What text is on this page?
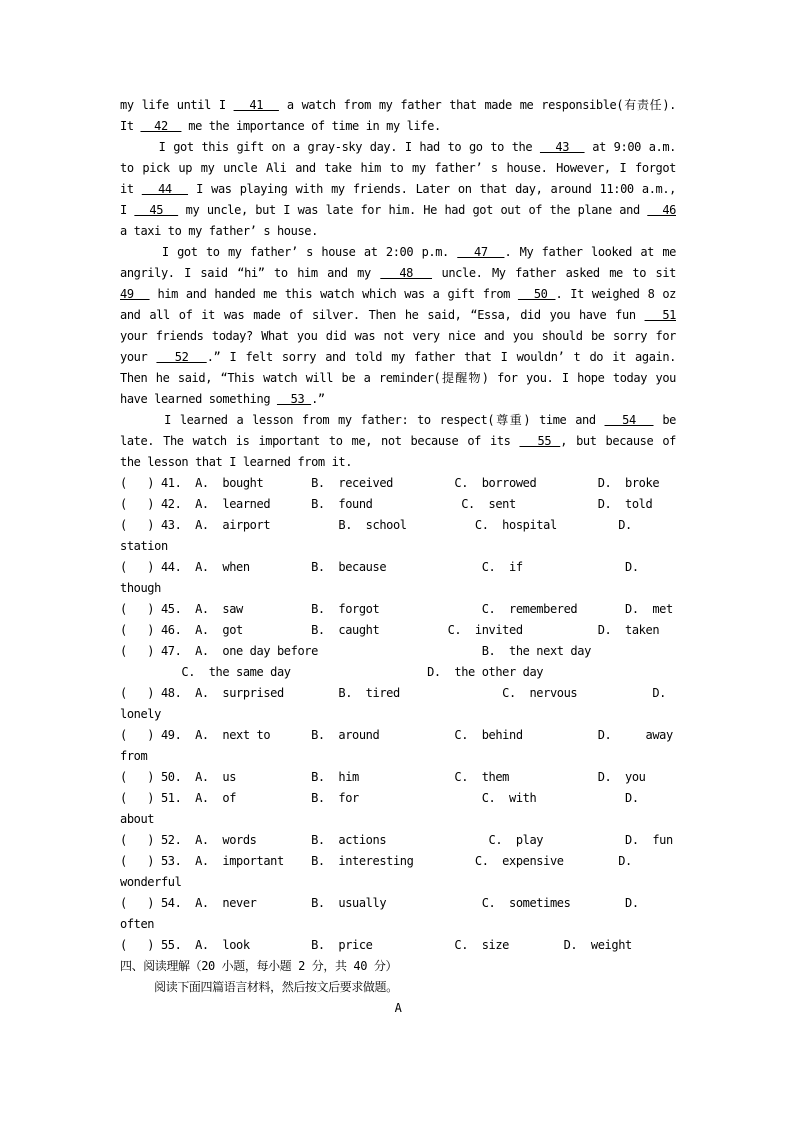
my life until I   41   a watch from my father that made me responsible(有责任).
It   42   me the importance of time in my life.
I got this gift on a gray-sky day. I had to go to the   43   at 9:00 a.m.
to pick up my uncle Ali and take him to my father’ s house. However, I forgot
it   44   I was playing with my friends. Later on that day, around 11:00 a.m.,
I   45   my uncle, but I was late for him. He had got out of the plane and   46
a taxi to my father’ s house.
I got to my father’ s house at 2:00 p.m.   47  . My father looked at me
angrily. I said “hi” to him and my   48   uncle. My father asked me to sit
49   him and handed me this watch which was a gift from   50 . It weighed 8 oz
and all of it was made of silver. Then he said, “Essa, did you have fun   51
your friends today? What you did was not very nice and you should be sorry for
your   52  .” I felt sorry and told my father that I wouldn’ t do it again.
Then he said, “This watch will be a reminder(提醒物) for you. I hope today you
have learned something   53 .”
I learned a lesson from my father: to respect(尊重) time and   54   be
late. The watch is important to me, not because of its   55 , but because of
the lesson that I learned from it.
(   ) 41.  A.  bought       B.  received         C.  borrowed         D.  broke
(   ) 42.  A.  learned      B.  found             C.  sent            D.  told
(   ) 43.  A.  airport          B.  school          C.  hospital         D.
station
(   ) 44.  A.  when         B.  because              C.  if               D.
though
(   ) 45.  A.  saw          B.  forgot               C.  remembered       D.  met
(   ) 46.  A.  got          B.  caught          C.  invited           D.  taken
(   ) 47.  A.  one day before                        B.  the next day
C.  the same day                    D.  the other day
(   ) 48.  A.  surprised        B.  tired               C.  nervous           D.
lonely
(   ) 49.  A.  next to      B.  around           C.  behind           D.     away
from
(   ) 50.  A.  us           B.  him              C.  them             D.  you
(   ) 51.  A.  of           B.  for                  C.  with             D.
about
(   ) 52.  A.  words        B.  actions               C.  play            D.  fun
(   ) 53.  A.  important    B.  interesting         C.  expensive        D.
wonderful
(   ) 54.  A.  never        B.  usually              C.  sometimes        D.
often
(   ) 55.  A.  look         B.  price            C.  size        D.  weight
四、阅读理解（20 小题，每小题 2 分，共 40 分）
阅读下面四篇语言材料，然后按文后要求做题。
A
